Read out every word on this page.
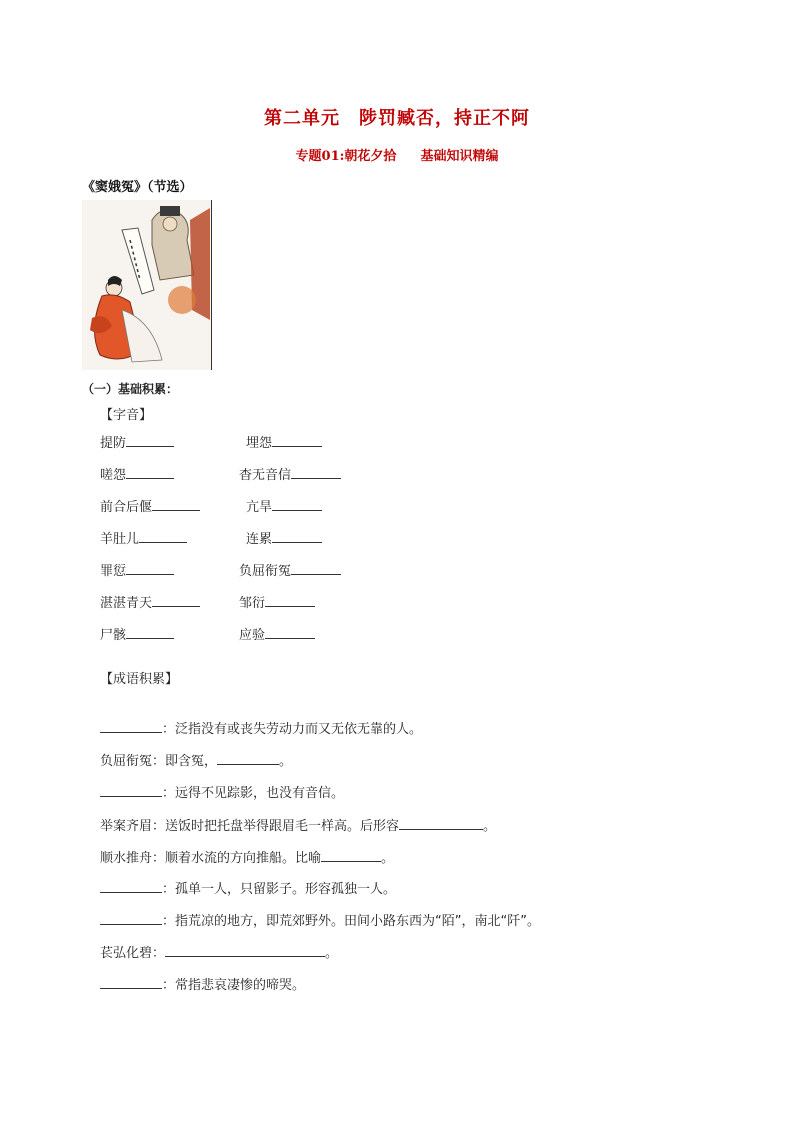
第二单元　陟罚臧否，持正不阿
专题01:朝花夕拾 基础知识精编
《窦娥冤》（节选）
（一）基础积累：
【字音】
提防	埋怨
嗟怨	杳无音信
前合后偃	亢旱
羊肚儿	连累
罪愆	负屈衔冤
湛湛青天	邹衍
尸骸	应验
【成语积累】
：泛指没有或丧失劳动力而又无依无靠的人。
负屈衔冤：即含冤，	。
：远得不见踪影，也没有音信。
举案齐眉：送饭时把托盘举得跟眉毛一样高。后形容	。
顺水推舟：顺着水流的方向推船。比喻	。
：孤单一人，只留影子。形容孤独一人。
：指荒凉的地方，即荒郊野外。田间小路东西为“陌”，南北“阡”。
苌弘化碧：	。
：常指悲哀凄惨的啼哭。
